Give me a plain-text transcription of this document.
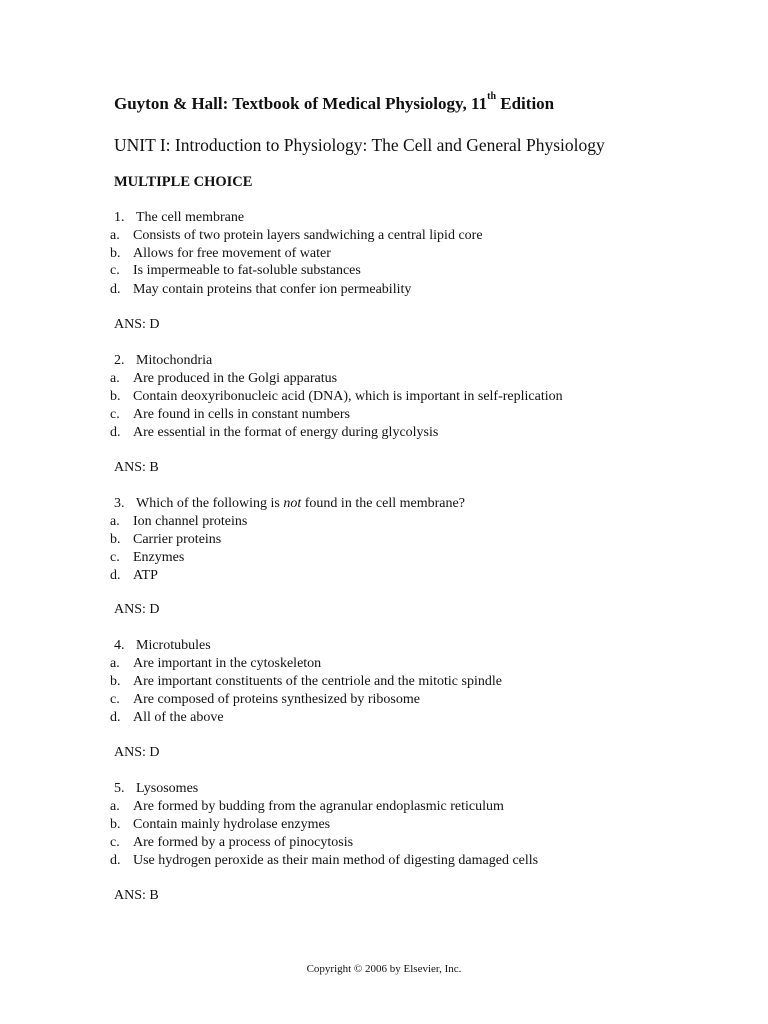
Guyton & Hall: Textbook of Medical Physiology, 11th Edition
UNIT I: Introduction to Physiology: The Cell and General Physiology
MULTIPLE CHOICE
1. The cell membrane
a. Consists of two protein layers sandwiching a central lipid core
b. Allows for free movement of water
c. Is impermeable to fat-soluble substances
d. May contain proteins that confer ion permeability
ANS: D
2. Mitochondria
a. Are produced in the Golgi apparatus
b. Contain deoxyribonucleic acid (DNA), which is important in self-replication
c. Are found in cells in constant numbers
d. Are essential in the format of energy during glycolysis
ANS: B
3. Which of the following is not found in the cell membrane?
a. Ion channel proteins
b. Carrier proteins
c. Enzymes
d. ATP
ANS: D
4. Microtubules
a. Are important in the cytoskeleton
b. Are important constituents of the centriole and the mitotic spindle
c. Are composed of proteins synthesized by ribosome
d. All of the above
ANS: D
5. Lysosomes
a. Are formed by budding from the agranular endoplasmic reticulum
b. Contain mainly hydrolase enzymes
c. Are formed by a process of pinocytosis
d. Use hydrogen peroxide as their main method of digesting damaged cells
ANS: B
Copyright © 2006 by Elsevier, Inc.
